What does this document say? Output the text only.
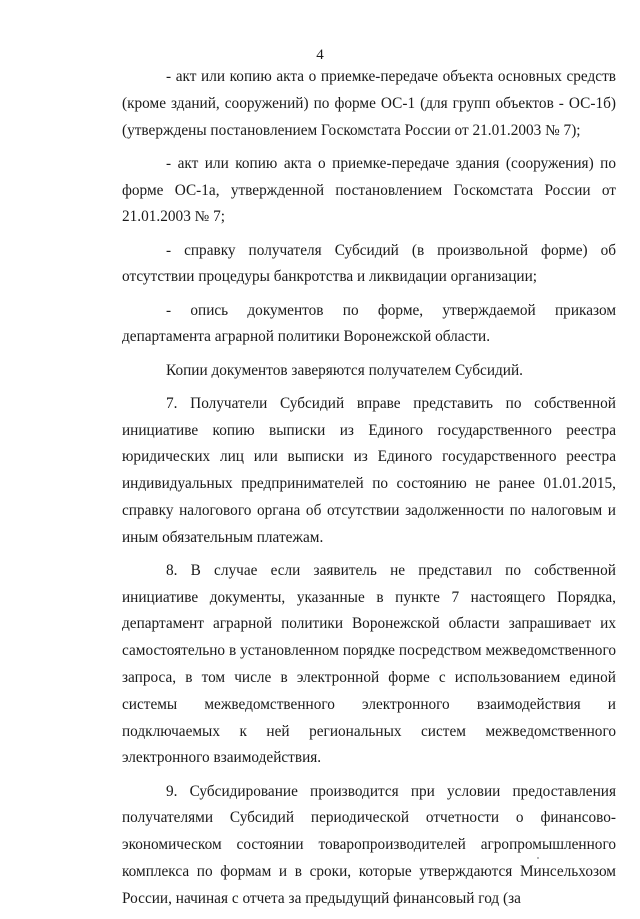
4

- акт или копию акта о приемке-передаче объекта основных средств (кроме зданий, сооружений) по форме ОС-1 (для групп объектов - ОС-1б) (утверждены постановлением Госкомстата России от 21.01.2003 № 7);

- акт или копию акта о приемке-передаче здания (сооружения) по форме ОС-1а, утвержденной постановлением Госкомстата России от 21.01.2003 № 7;

- справку получателя Субсидий (в произвольной форме) об отсутствии процедуры банкротства и ликвидации организации;

- опись документов по форме, утверждаемой приказом департамента аграрной политики Воронежской области.

Копии документов заверяются получателем Субсидий.

7. Получатели Субсидий вправе представить по собственной инициативе копию выписки из Единого государственного реестра юридических лиц или выписки из Единого государственного реестра индивидуальных предпринимателей по состоянию не ранее 01.01.2015, справку налогового органа об отсутствии задолженности по налоговым и иным обязательным платежам.

8. В случае если заявитель не представил по собственной инициативе документы, указанные в пункте 7 настоящего Порядка, департамент аграрной политики Воронежской области запрашивает их самостоятельно в установленном порядке посредством межведомственного запроса, в том числе в электронной форме с использованием единой системы межведомственного электронного взаимодействия и подключаемых к ней региональных систем межведомственного электронного взаимодействия.

9. Субсидирование производится при условии предоставления получателями Субсидий периодической отчетности о финансово-экономическом состоянии товаропроизводителей агропромышленного комплекса по формам и в сроки, которые утверждаются Минсельхозом России, начиная с отчета за предыдущий финансовый год (за
